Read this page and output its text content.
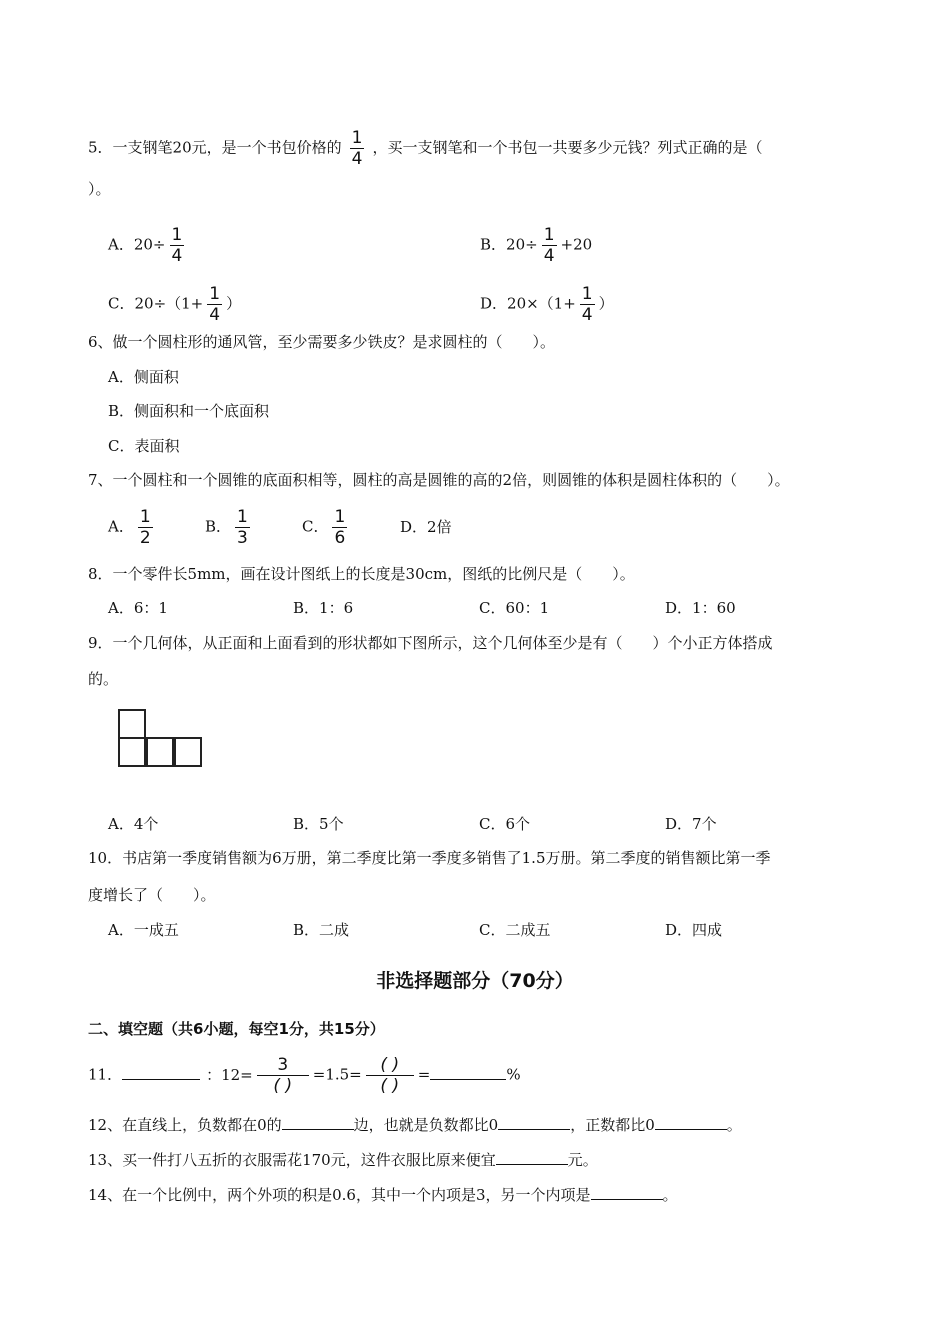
5．一支钢笔20元，是一个书包价格的 $\frac{1}{4}$ ，买一支钢笔和一个书包一共要多少元钱？列式正确的是（
）。
A．$20\div \frac{1}{4}$	B．$20\div \frac{1}{4} +20$
C．$20\div(1+ \frac{1}{4}$ ）	D．$20\times(1+ \frac{1}{4}$ ）
6、做一个圆柱形的通风管，至少需要多少铁皮？是求圆柱的（　　）。
A．侧面积
B．侧面积和一个底面积
C．表面积
7、一个圆柱和一个圆锥的底面积相等，圆柱的高是圆锥的高的2倍，则圆锥的体积是圆柱体积的（　　）。
A． $\frac{1}{2}$	B． $\frac{1}{3}$	C． $\frac{1}{6}$	D．2倍
8．一个零件长5mm，画在设计图纸上的长度是30cm，图纸的比例尺是（　　）。
A．6：1	B．1：6	C．60：1	D．1：60
9．一个几何体，从正面和上面看到的形状都如下图所示，这个几何体至少是有（　　）个小正方体搭成
的。
A．4个	B．5个	C．6个	D．7个
10．书店第一季度销售额为6万册，第二季度比第一季度多销售了1.5万册。第二季度的销售额比第一季
度增长了（　　）。
A．一成五	B．二成	C．二成五	D．四成
非选择题部分（70分）
二、填空题（共6小题，每空1分，共15分）
11．	：$12= \frac{3}{( )} =1.5= \frac{( )}{( )}$ =	%
12、在直线上，负数都在0的	边，也就是负数都比0	，正数都比0	。
13、买一件打八五折的衣服需花170元，这件衣服比原来便宜	元。
14、在一个比例中，两个外项的积是0.6，其中一个内项是3，另一个内项是	。
